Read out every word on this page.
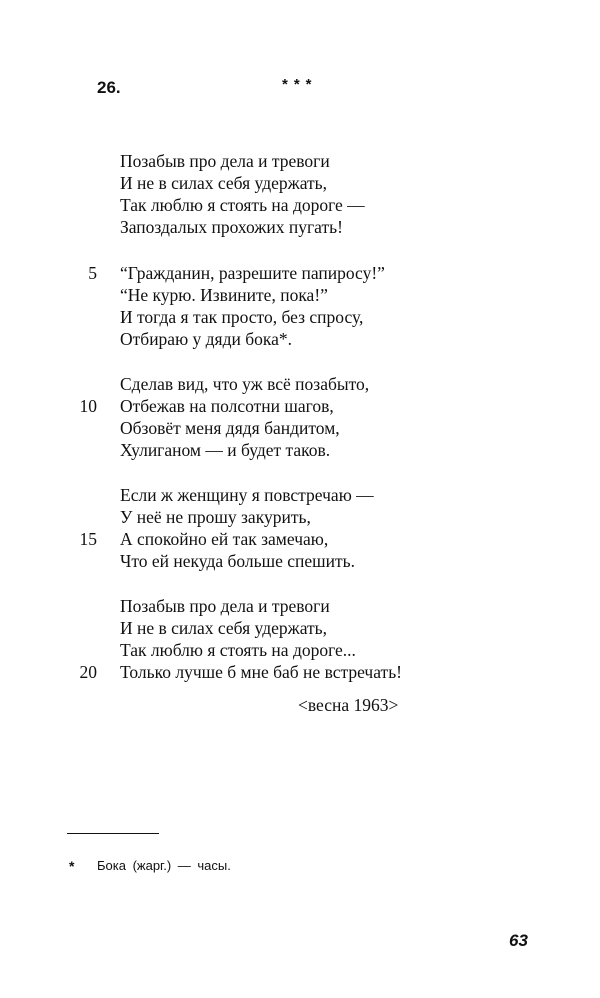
26.	***
Позабыв про дела и тревоги
И не в силах себя удержать,
Так люблю я стоять на дороге —
Запоздалых прохожих пугать!
5 “Гражданин, разрешите папиросу!”
“Не курю. Извините, пока!”
И тогда я так просто, без спросу,
Отбираю у дяди бока*.
Сделав вид, что уж всё позабыто,
10 Отбежав на полсотни шагов,
Обзовёт меня дядя бандитом,
Хулиганом — и будет таков.
Если ж женщину я повстречаю —
У неё не прошу закурить,
15 А спокойно ей так замечаю,
Что ей некуда больше спешить.
Позабыв про дела и тревоги
И не в силах себя удержать,
Так люблю я стоять на дороге...
20 Только лучше б мне баб не встречать!
<весна 1963>
* Бока (жарг.) — часы.
63
